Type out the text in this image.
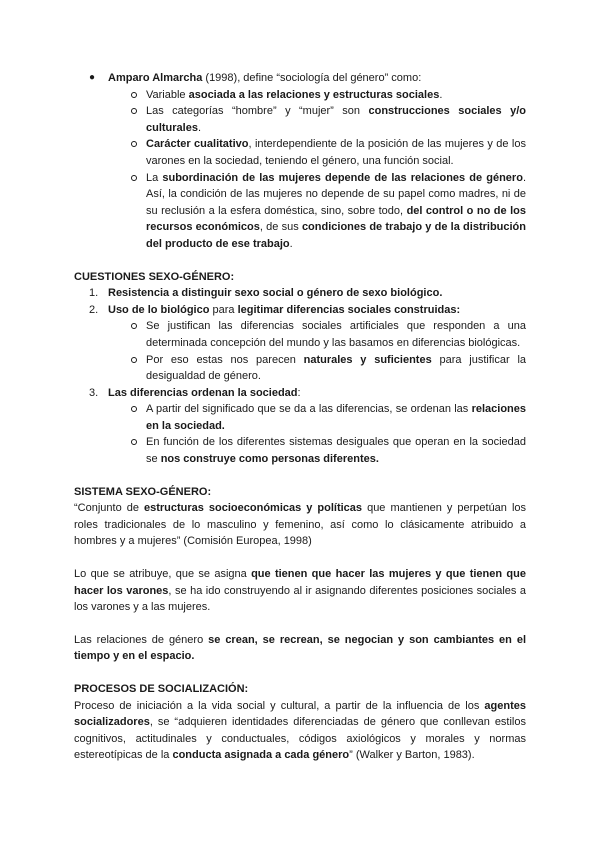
● Amparo Almarcha (1998), define “sociología del género” como:

Variable asociada a las relaciones y estructuras sociales.

Las categorías “hombre” y “mujer” son construcciones sociales y/o culturales.

Carácter cualitativo, interdependiente de la posición de las mujeres y de los varones en la sociedad, teniendo el género, una función social.

La subordinación de las mujeres depende de las relaciones de género. Así, la condición de las mujeres no depende de su papel como madres, ni de su reclusión a la esfera doméstica, sino, sobre todo, del control o no de los recursos económicos, de sus condiciones de trabajo y de la distribución del producto de ese trabajo.

CUESTIONES SEXO-GÉNERO:

1. Resistencia a distinguir sexo social o género de sexo biológico.

2. Uso de lo biológico para legitimar diferencias sociales construidas:

Se justifican las diferencias sociales artificiales que responden a una determinada concepción del mundo y las basamos en diferencias biológicas.

Por eso estas nos parecen naturales y suficientes para justificar la desigualdad de género.

3. Las diferencias ordenan la sociedad:

A partir del significado que se da a las diferencias, se ordenan las relaciones en la sociedad.

En función de los diferentes sistemas desiguales que operan en la sociedad se nos construye como personas diferentes.

SISTEMA SEXO-GÉNERO:

“Conjunto de estructuras socioeconómicas y políticas que mantienen y perpetúan los roles tradicionales de lo masculino y femenino, así como lo clásicamente atribuido a hombres y a mujeres” (Comisión Europea, 1998)

Lo que se atribuye, que se asigna que tienen que hacer las mujeres y que tienen que hacer los varones, se ha ido construyendo al ir asignando diferentes posiciones sociales a los varones y a las mujeres.

Las relaciones de género se crean, se recrean, se negocian y son cambiantes en el tiempo y en el espacio.

PROCESOS DE SOCIALIZACIÓN:

Proceso de iniciación a la vida social y cultural, a partir de la influencia de los agentes socializadores, se “adquieren identidades diferenciadas de género que conllevan estilos cognitivos, actitudinales y conductuales, códigos axiológicos y morales y normas estereotípicas de la conducta asignada a cada género” (Walker y Barton, 1983).
